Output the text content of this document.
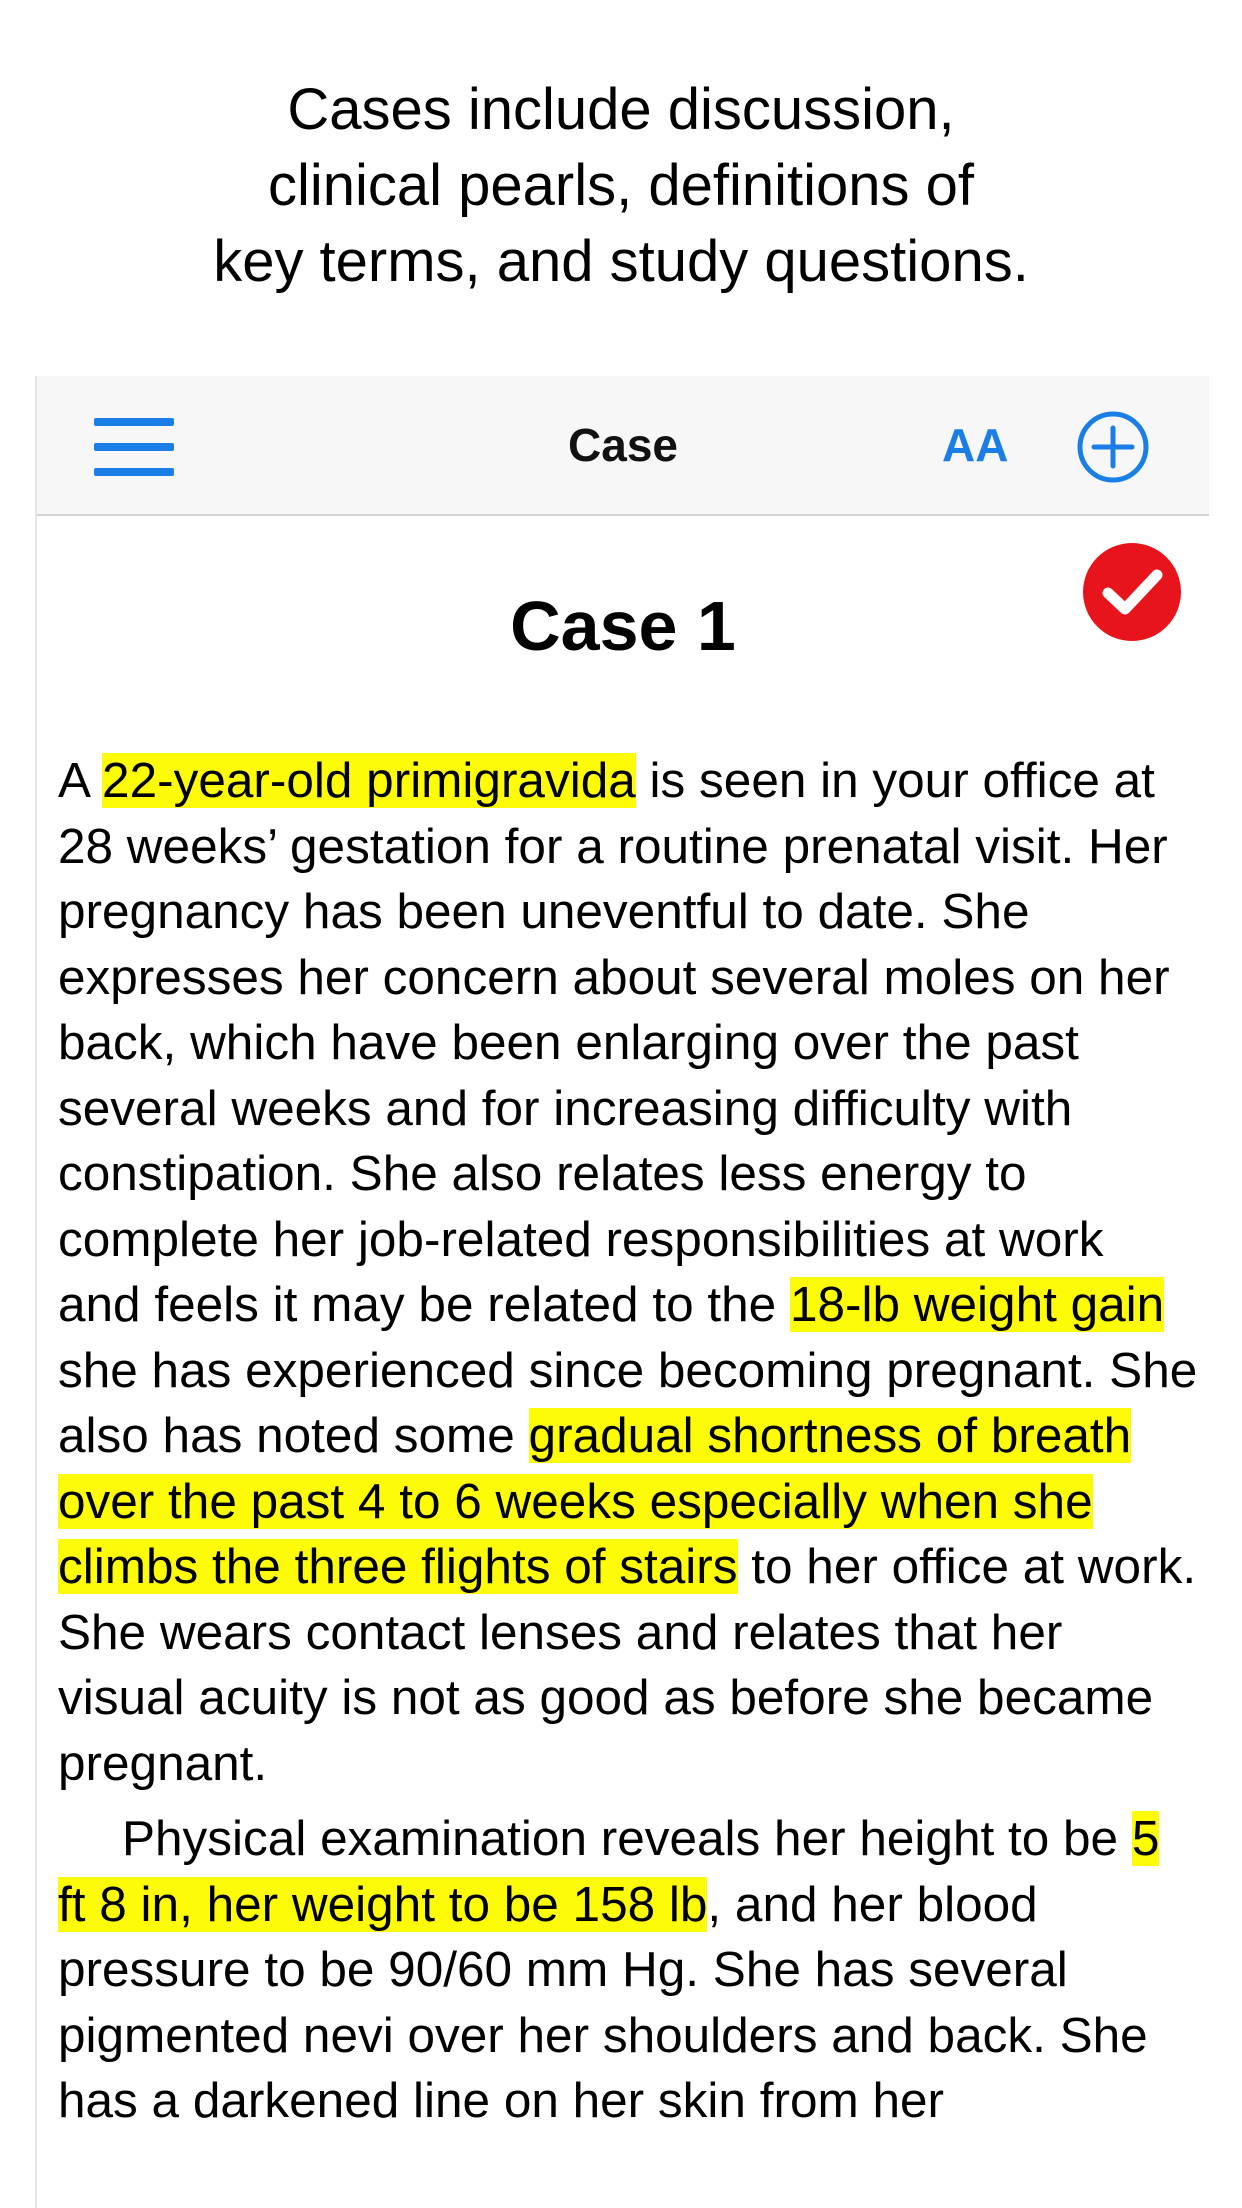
Cases include discussion,
clinical pearls, definitions of
key terms, and study questions.
Case	AA
Case 1

A 22-year-old primigravida is seen in your office at 28 weeks’ gestation for a routine prenatal visit. Her pregnancy has been uneventful to date. She expresses her concern about several moles on her back, which have been enlarging over the past several weeks and for increasing difficulty with constipation. She also relates less energy to complete her job-related responsibilities at work and feels it may be related to the 18-lb weight gain she has experienced since becoming pregnant. She also has noted some gradual shortness of breath over the past 4 to 6 weeks especially when she climbs the three flights of stairs to her office at work. She wears contact lenses and relates that her visual acuity is not as good as before she became pregnant.

Physical examination reveals her height to be 5 ft 8 in, her weight to be 158 lb, and her blood pressure to be 90/60 mm Hg. She has several pigmented nevi over her shoulders and back. She has a darkened line on her skin from her
